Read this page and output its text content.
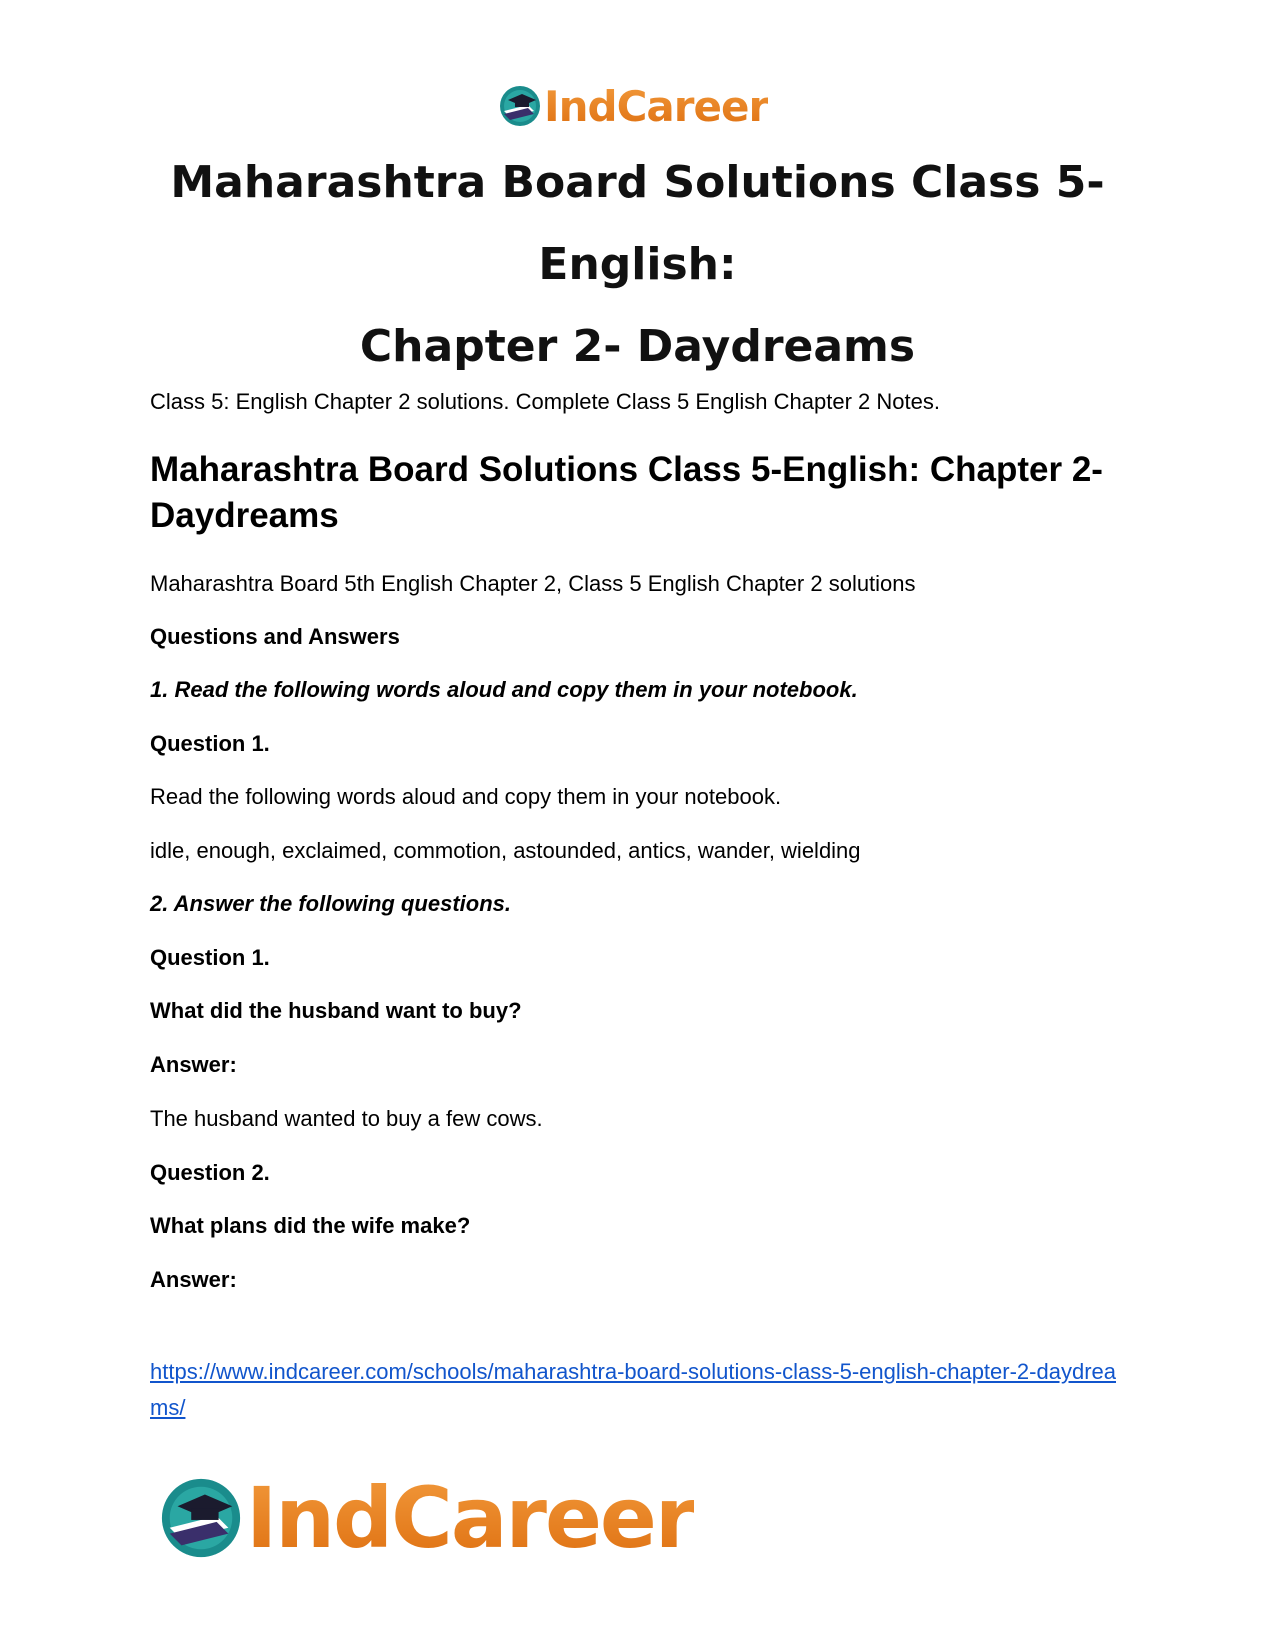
IndCareer
Maharashtra Board Solutions Class 5-English:
Chapter 2- Daydreams

Class 5: English Chapter 2 solutions. Complete Class 5 English Chapter 2 Notes.

Maharashtra Board Solutions Class 5-English: Chapter 2- Daydreams

Maharashtra Board 5th English Chapter 2, Class 5 English Chapter 2 solutions

Questions and Answers

1. Read the following words aloud and copy them in your notebook.

Question 1.

Read the following words aloud and copy them in your notebook.

idle, enough, exclaimed, commotion, astounded, antics, wander, wielding

2. Answer the following questions.

Question 1.

What did the husband want to buy?

Answer:

The husband wanted to buy a few cows.

Question 2.

What plans did the wife make?

Answer:

https://www.indcareer.com/schools/maharashtra-board-solutions-class-5-english-chapter-2-daydreams/
IndCareer
